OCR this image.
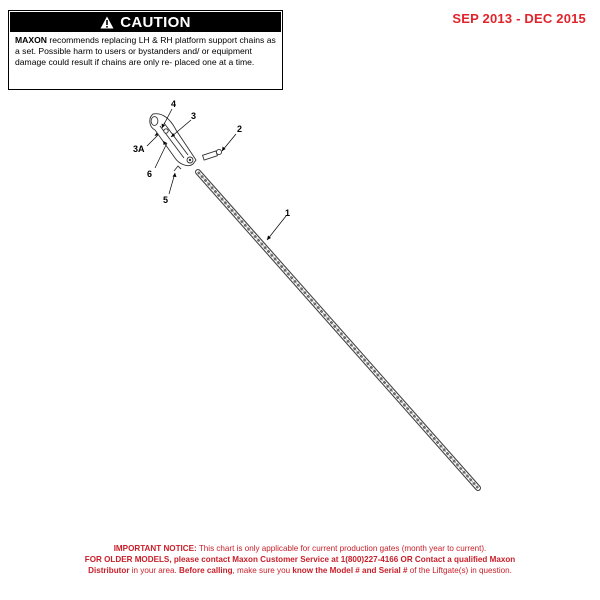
CAUTION
MAXON recommends replacing LH & RH platform support chains as a set. Possible harm to users or bystanders and/ or equipment damage could result if chains are only re- placed one at a time.
SEP 2013 - DEC 2015
4
3
2
3A
6
5
1
IMPORTANT NOTICE: This chart is only applicable for current production gates (month year to current).
FOR OLDER MODELS, please contact Maxon Customer Service at 1(800)227-4166 OR Contact a qualified Maxon
Distributor in your area. Before calling, make sure you know the Model # and Serial # of the Liftgate(s) in question.
